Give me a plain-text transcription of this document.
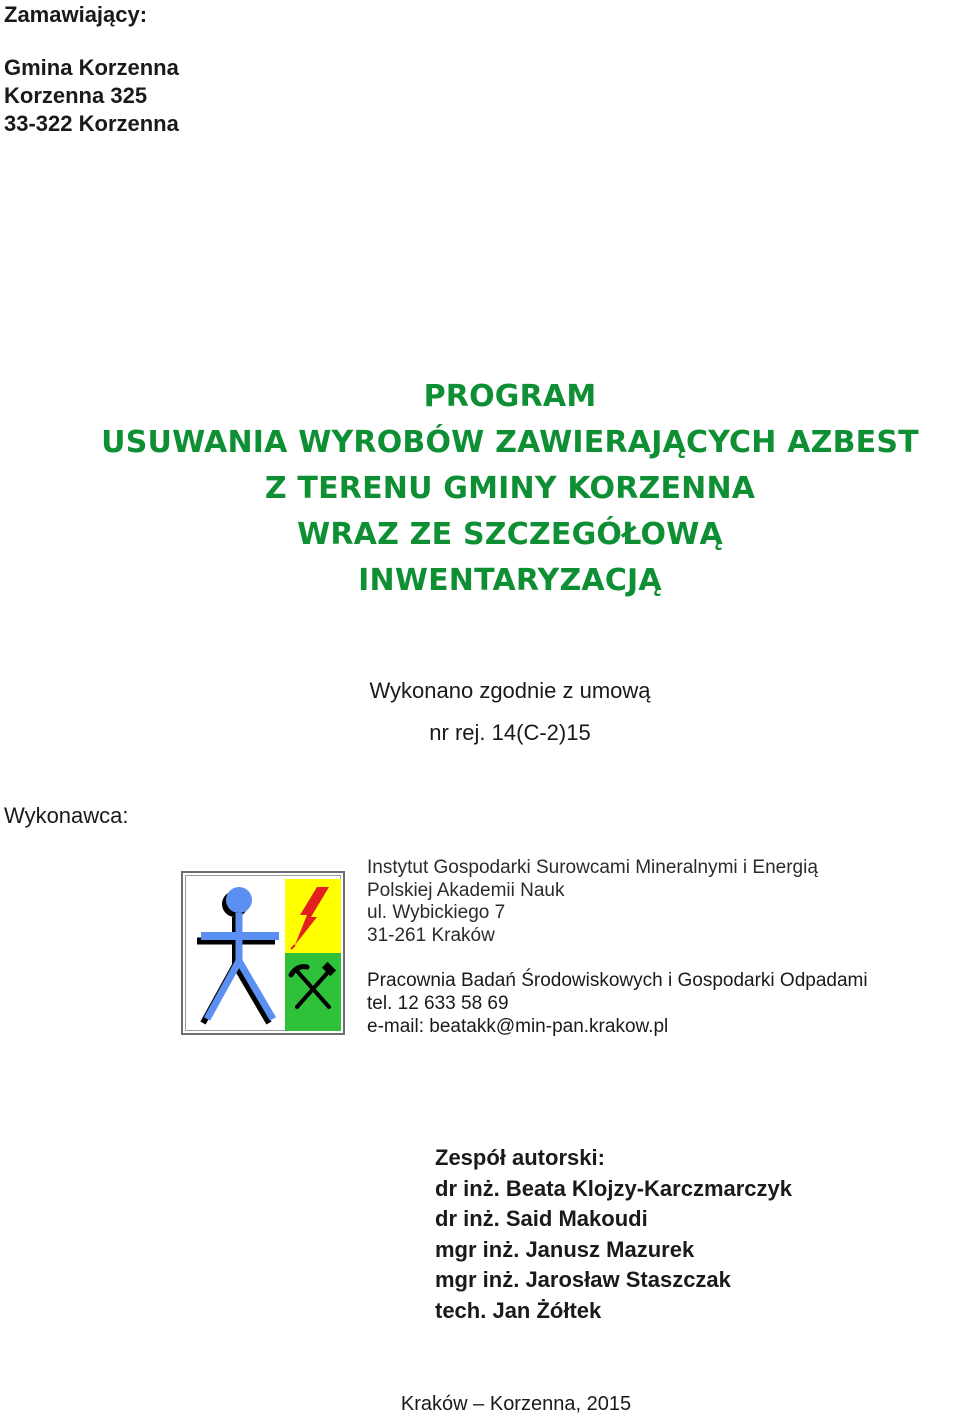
Zamawiający:
Gmina Korzenna
Korzenna 325
33-322 Korzenna
PROGRAM
USUWANIA WYROBÓW ZAWIERAJĄCYCH AZBEST
Z TERENU GMINY KORZENNA
WRAZ ZE SZCZEGÓŁOWĄ
INWENTARYZACJĄ
Wykonano zgodnie z umową
nr rej. 14(C-2)15
Wykonawca:
Instytut Gospodarki Surowcami Mineralnymi i Energią
Polskiej Akademii Nauk
ul. Wybickiego 7
31-261 Kraków
Pracownia Badań Środowiskowych i Gospodarki Odpadami
tel. 12 633 58 69
e-mail: beatakk@min-pan.krakow.pl
Zespół autorski:
dr inż. Beata Klojzy-Karczmarczyk
dr inż. Said Makoudi
mgr inż. Janusz Mazurek
mgr inż. Jarosław Staszczak
tech. Jan Żółtek
Kraków – Korzenna, 2015
